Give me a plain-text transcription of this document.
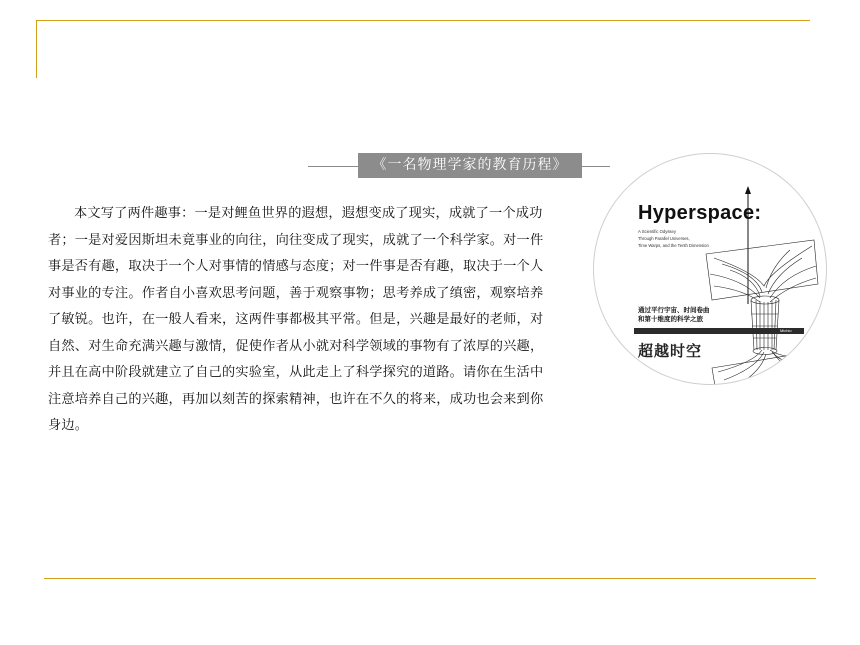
《一名物理学家的教育历程》
本文写了两件趣事：一是对鲤鱼世界的遐想，遐想变成了现实，成就了一个成功
者；一是对爱因斯坦未竟事业的向往，向往变成了现实，成就了一个科学家。对一件
事是否有趣，取决于一个人对事情的情感与态度；对一件事是否有趣，取决于一个人
对事业的专注。作者自小喜欢思考问题，善于观察事物；思考养成了缜密，观察培养
了敏锐。也许，在一般人看来，这两件事都极其平常。但是，兴趣是最好的老师，对
自然、对生命充满兴趣与激情，促使作者从小就对科学领域的事物有了浓厚的兴趣，
并且在高中阶段就建立了自己的实验室，从此走上了科学探究的道路。请你在生活中
注意培养自己的兴趣，再加以刻苦的探索精神，也许在不久的将来，成功也会来到你
身边。
Hyperspace:
A Scientific Odyssey
Through Parallel Universes,
Time Warps, and the Tenth Dimension
通过平行宇宙、时间卷曲
和第十维度的科学之旅
Michio
超越时空
